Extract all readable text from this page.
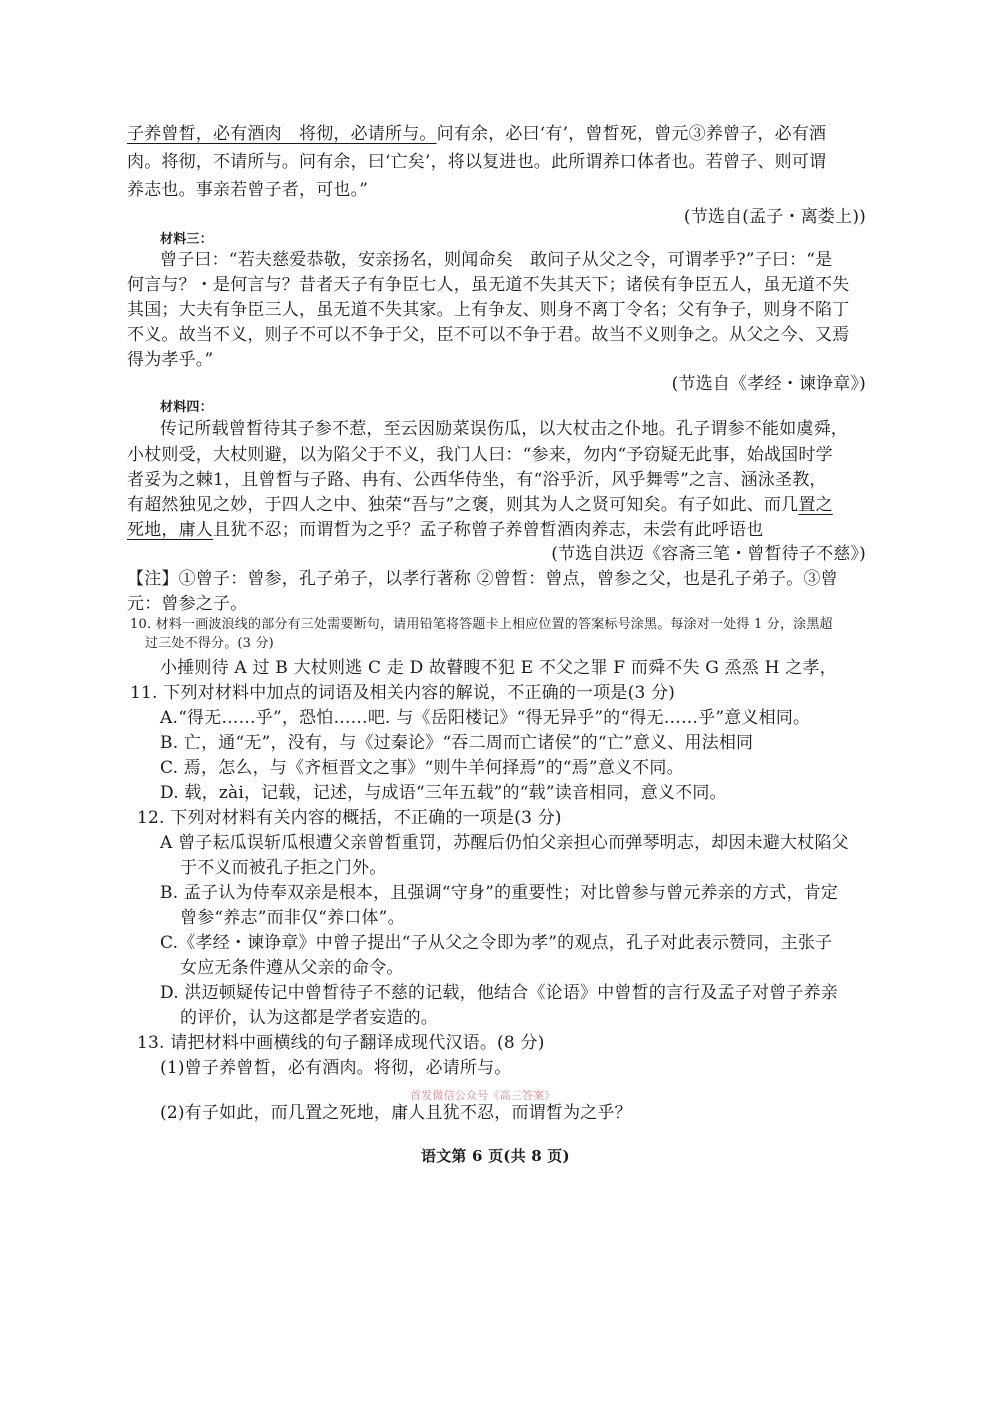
子养曾晳，必有酒肉　将彻，必请所与。问有余，必曰‘有’，曾晳死，曾元③养曾子，必有酒
肉。将彻，不请所与。问有余，曰‘亡矣’，将以复进也。此所谓养口体者也。若曾子、则可谓
养志也。事亲若曾子者，可也。”
(节选自(孟子・离娄上))
材料三：
曾子曰：“若夫慈爱恭敬，安亲扬名，则闻命矣　敢问子从父之令，可谓孝乎?”子曰：“是
何言与？・是何言与？昔者天子有争臣七人，虽无道不失其天下；诸侯有争臣五人，虽无道不失
其国；大夫有争臣三人，虽无道不失其家。上有争友、则身不离丁令名；父有争子，则身不陷丁
不义。故当不义，则子不可以不争于父，臣不可以不争于君。故当不义则争之。从父之今、又焉
得为孝乎。”
(节选自《孝经・谏诤章》)
材料四：
传记所载曾晳待其子参不惹，至云因励菜误伤瓜，以大杖击之仆地。孔子谓参不能如虞舜，
小杖则受，大杖则避，以为陷父于不义，我门人曰：“参来，勿内“予窃疑无此事，始战国时学
者妥为之棘1，且曾晳与子路、冉有、公西华侍坐，有“浴乎沂，风乎舞雩”之言、涵泳圣教，
有超然独见之妙，于四人之中、独荣“吾与”之褒，则其为人之贤可知矣。有子如此、而几置之
死地，庸人且犹不忍；而谓晳为之乎？孟子称曾子养曾晳酒肉养志，未尝有此呼语也
(节选自洪迈《容斋三笔・曾晳待子不慈》)
【注】①曾子：曾参，孔子弟子，以孝行著称 ②曾晳：曾点，曾参之父，也是孔子弟子。③曾
元：曾参之子。
10. 材料一画波浪线的部分有三处需要断句，请用铅笔将答题卡上相应位置的答案标号涂黑。每涂对一处得 1 分，涂黑超
过三处不得分。(3 分)
小捶则待 A 过 B 大杖则逃 C 走 D 故瞽瞍不犯 E 不父之罪 F 而舜不失 G 烝烝 H 之孝，
11. 下列对材料中加点的词语及相关内容的解说，不正确的一项是(3 分)
A.“得无……乎”，恐怕……吧. 与《岳阳楼记》“得无异乎”的“得无……乎”意义相同。
B. 亡，通“无”，没有，与《过秦论》“吞二周而亡诸侯”的“亡”意义、用法相同
C. 焉，怎么，与《齐桓晋文之事》“则牛羊何择焉”的“焉”意义不同。
D. 载，zài，记载，记述，与成语“三年五载”的“载”读音相同，意义不同。
12. 下列对材料有关内容的概括，不正确的一项是(3 分)
A 曾子耘瓜误斩瓜根遭父亲曾晳重罚，苏醒后仍怕父亲担心而弹琴明志，却因未避大杖陷父
于不义而被孔子拒之门外。
B. 孟子认为侍奉双亲是根本，且强调“守身”的重要性；对比曾参与曾元养亲的方式，肯定
曾参“养志”而非仅“养口体”。
C.《孝经・谏诤章》中曾子提出“子从父之令即为孝”的观点，孔子对此表示赞同，主张子
女应无条件遵从父亲的命令。
D. 洪迈顿疑传记中曾晳待子不慈的记载，他结合《论语》中曾晳的言行及孟子对曾子养亲
的评价，认为这都是学者妄造的。
13. 请把材料中画横线的句子翻译成现代汉语。(8 分)
(1)曾子养曾晳，必有酒肉。将彻，必请所与。
首发微信公众号《高三答案》
(2)有子如此，而几置之死地，庸人且犹不忍，而谓晳为之乎？
语文第 6 页(共 8 页)
